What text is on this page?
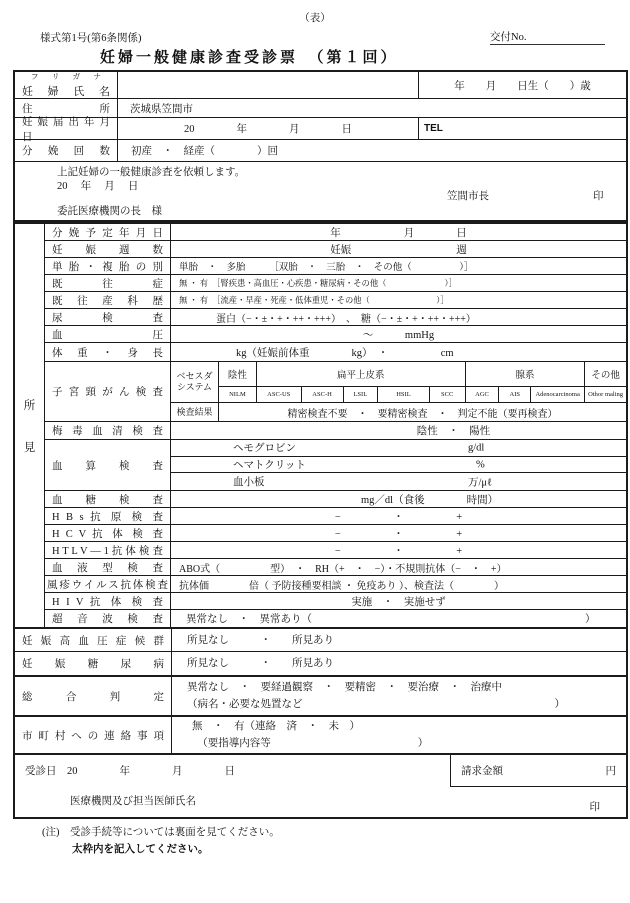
（表）
様式第1号(第6条関係)	交付No.
妊婦一般健康診査受診票　（第１回）
フ リ ガ ナ
妊 婦 氏 名	年　　月　　日生（　　）歳
住 所	茨城県笠間市
妊 娠 届 出 年 月 日
20　　　　年　　　　月　　　　日	TEL
分 娩 回 数	初産　・　経産（　　　　）回
上記妊婦の一般健康診査を依頼します。
20　 年　 月　 日
笠間市長	印
委託医療機関の長　様
所
見
分 娩 予 定 年 月 日	年　　　　　　月　　　　日
妊 娠 週 数	妊娠　　　　　　　　　　週
単 胎 ・ 複 胎 の 別	単胎　・　多胎　　　［双胎　・　三胎　・　その他（　　　　　）］
既 往 症	無 ・ 有　［腎疾患・高血圧・心疾患・糖尿病・その他（　　　　　　　）］
既 往 産 科 歴	無 ・ 有　［流産・早産・死産・低体重児・その他（　　　　　　　　）］
尿 検 査	蛋白（−・±・+・++・+++）　、　糖（−・±・+・++・+++）
血 圧	〜　　　mmHg
体 重 ・ 身 長	kg（妊娠前体重　　　　kg）　・　　　　　cm
子宮頸がん検査
ベセスダ
システム
陰性	扁平上皮系	腺系	その他
NILM	ASC-US	ASC-H	LSIL	HSIL	SCC	AGC	AIS	Adenocarcinoma	Othor maling
検査結果	精密検査不要　・　要精密検査　・　判定不能（要再検査）
梅 毒 血 清 検 査	陰性　・　陽性
血 算 検 査
ヘモグロビン	g/dl
ヘマトクリット	%
血小板	万/μℓ
血 糖 検 査	mg／dl（食後　　　　時間）
H B s 抗 原 検 査	−　　　　　・　　　　　+
H C V 抗 体 検 査	−　　　　　・　　　　　+
H T L V ― 1 抗 体 検 査	−　　　　　・　　　　　+
血 液 型 検 査	ABO式（　　　　　型）　・　RH（+　・　−）・不規則抗体（−　・　+）
風疹ウイルス抗体検査	抗体価　　　　倍（ 予防接種要相談 ・ 免疫あり ）、検査法（　　　　）
H I V 抗 体 検 査	実施　・　実施せず
超 音 波 検 査	異常なし　・　異常あり（　　　　　　　　　　　　　　　　　　　　　　　　　　）
妊 娠 高 血 圧 症 候 群	所見なし　　　・　　所見あり
妊 娠 糖 尿 病	所見なし　　　・　　所見あり
総 合 判 定
異常なし　・　要経過観察　・　要精密　・　要治療　・　治療中
（病名・必要な処置など　　　　　　　　　　　　　　　　　　　　　　　　）
市 町 村 へ の 連 絡 事 項
無　・　有（連絡　済　・　未　）
　（要指導内容等　　　　　　　　　　　　　　）
受診日　20　　　　年　　　　月　　　　日	請求金額	円
医療機関及び担当医師氏名
印
(注)　受診手続等については裏面を見てください。
太枠内を記入してください。
